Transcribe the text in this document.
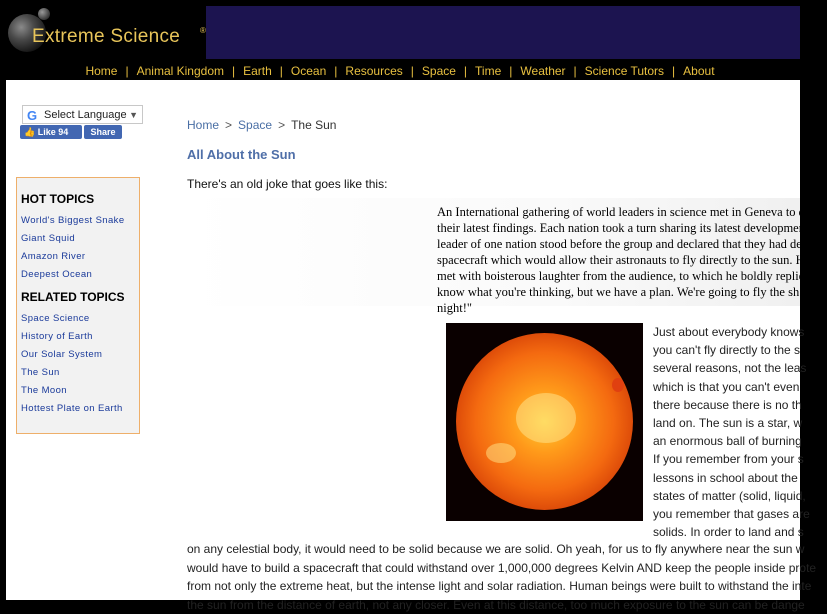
Extreme Science ®
Home | Animal Kingdom | Earth | Ocean | Resources | Space | Time | Weather | Science Tutors | About
G Select Language ▼
👍 Like 94	Share
HOT TOPICS
World's Biggest Snake
Giant Squid
Amazon River
Deepest Ocean
RELATED TOPICS
Space Science
History of Earth
Our Solar System
The Sun
The Moon
Hottest Plate on Earth
Home > Space > The Sun
All About the Sun
There's an old joke that goes like this:
An International gathering of world leaders in science met in Geneva to d
their latest findings. Each nation took a turn sharing its latest developmen
leader of one nation stood before the group and declared that they had de
spacecraft which would allow their astronauts to fly directly to the sun. H
met with boisterous laughter from the audience, to which he boldly replie
know what you're thinking, but we have a plan. We're going to fly the sh
night!"
Just about everybody knows
you can't fly directly to the s
several reasons, not the leas
which is that you can't even
there because there is no th
land on. The sun is a star, w
an enormous ball of burning
If you remember from your s
lessons in school about the
states of matter (solid, liquid,
you remember that gases are
solids. In order to land and s
on any celestial body, it would need to be solid because we are solid. Oh yeah, for us to fly anywhere near the sun w
would have to build a spacecraft that could withstand over 1,000,000 degrees Kelvin AND keep the people inside prote
from not only the extreme heat, but the intense light and solar radiation. Human beings were built to withstand the inte
the sun from the distance of earth, not any closer. Even at this distance, too much exposure to the sun can be dange
